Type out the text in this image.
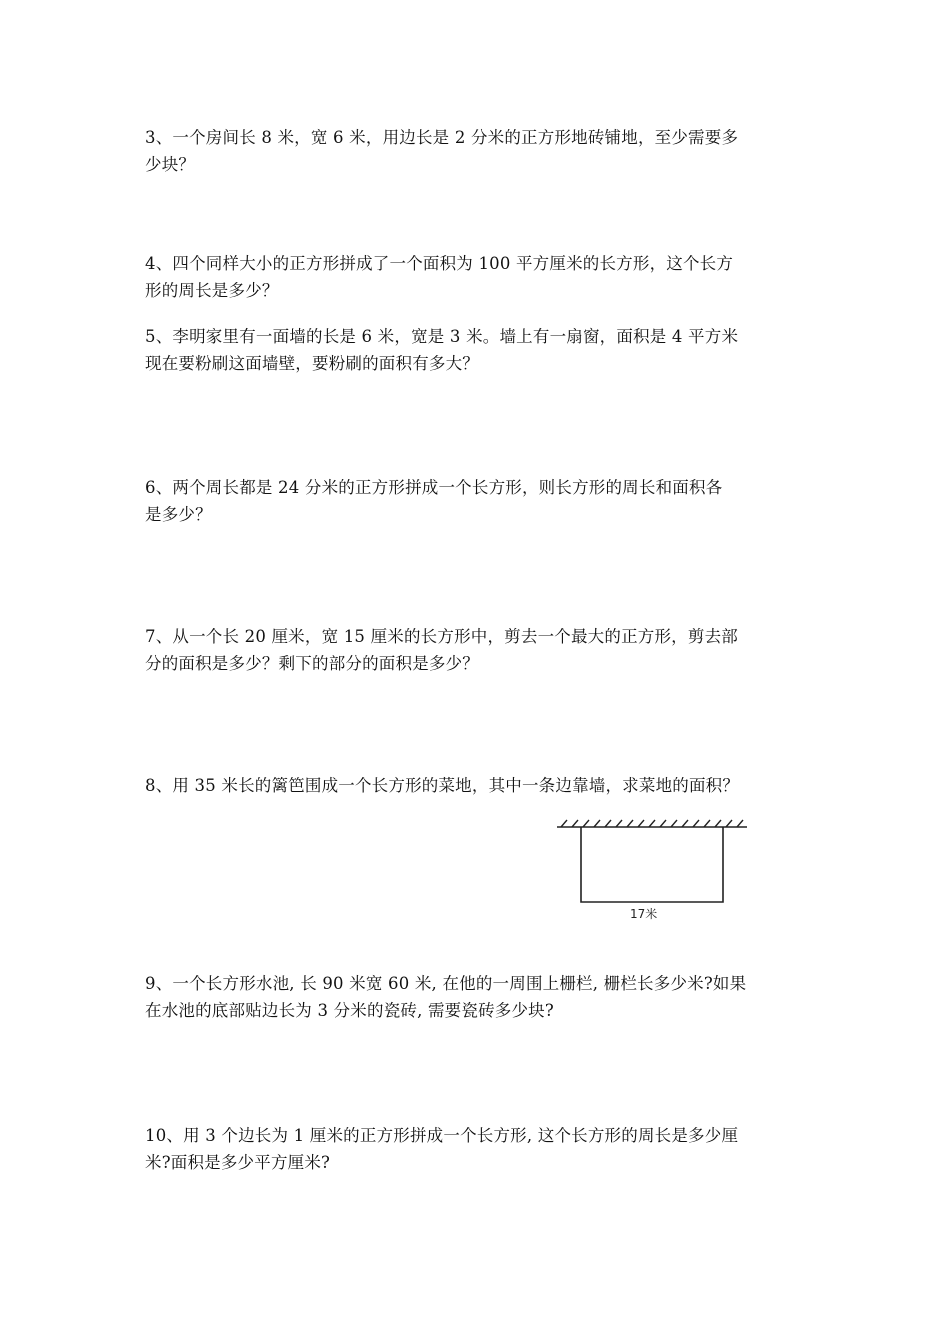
3、一个房间长 8 米，宽 6 米，用边长是 2 分米的正方形地砖铺地，至少需要多
少块？
4、四个同样大小的正方形拼成了一个面积为 100 平方厘米的长方形，这个长方
形的周长是多少？
5、李明家里有一面墙的长是 6 米，宽是 3 米。墙上有一扇窗，面积是 4 平方米
现在要粉刷这面墙壁，要粉刷的面积有多大？
6、两个周长都是 24 分米的正方形拼成一个长方形，则长方形的周长和面积各
是多少？
7、从一个长 20 厘米，宽 15 厘米的长方形中，剪去一个最大的正方形，剪去部
分的面积是多少？剩下的部分的面积是多少？
8、用 35 米长的篱笆围成一个长方形的菜地，其中一条边靠墙，求菜地的面积？
17米
9、一个长方形水池, 长 90 米宽 60 米, 在他的一周围上栅栏, 栅栏长多少米?如果
在水池的底部贴边长为 3 分米的瓷砖, 需要瓷砖多少块?
10、用 3 个边长为 1 厘米的正方形拼成一个长方形, 这个长方形的周长是多少厘
米?面积是多少平方厘米?
